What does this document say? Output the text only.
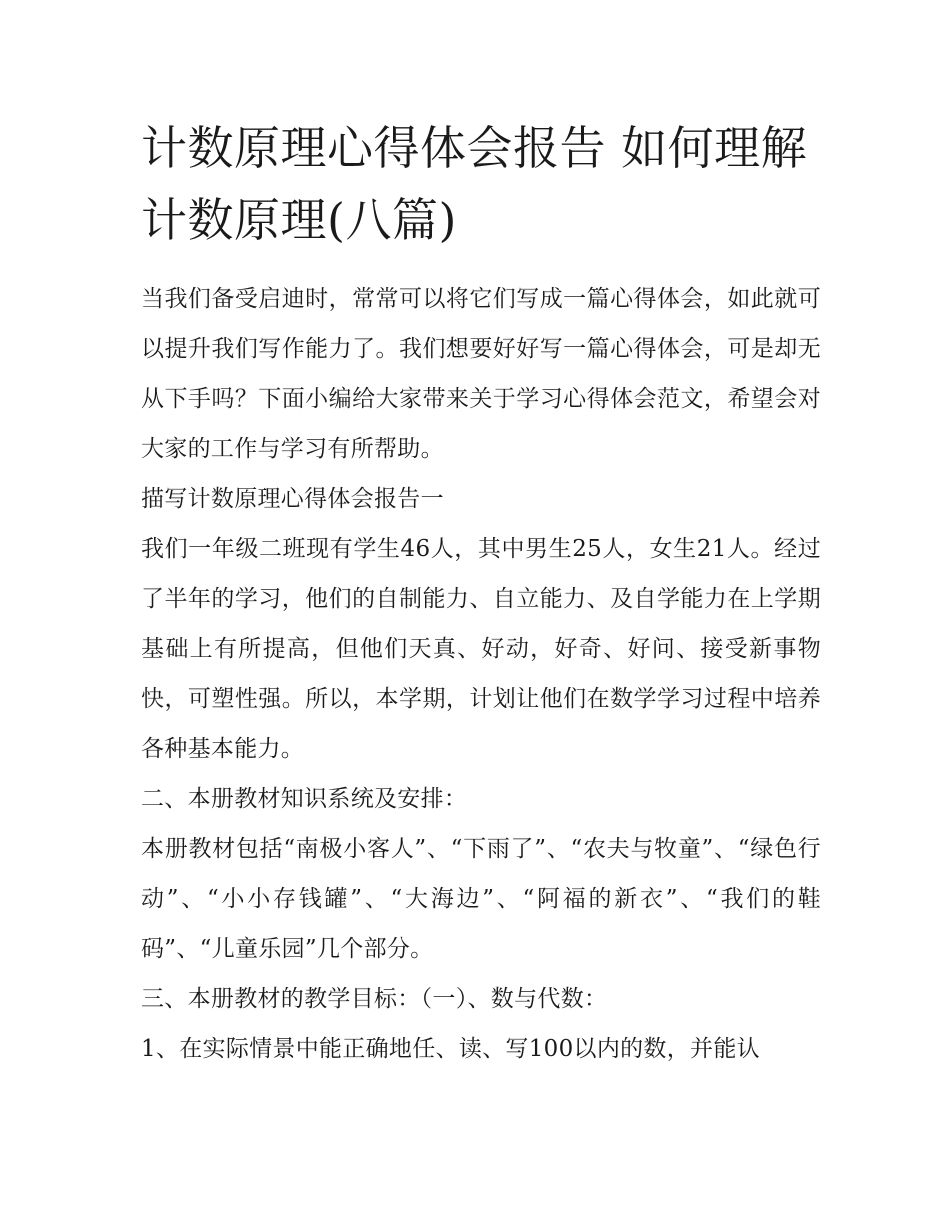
计数原理心得体会报告 如何理解计数原理(八篇)

当我们备受启迪时，常常可以将它们写成一篇心得体会，如此就可以提升我们写作能力了。我们想要好好写一篇心得体会，可是却无从下手吗？下面小编给大家带来关于学习心得体会范文，希望会对大家的工作与学习有所帮助。

描写计数原理心得体会报告一

我们一年级二班现有学生46人，其中男生25人，女生21人。经过了半年的学习，他们的自制能力、自立能力、及自学能力在上学期基础上有所提高，但他们天真、好动，好奇、好问、接受新事物快，可塑性强。所以，本学期，计划让他们在数学学习过程中培养各种基本能力。

二、本册教材知识系统及安排：

本册教材包括“南极小客人”、“下雨了”、“农夫与牧童”、“绿色行动”、“小小存钱罐”、“大海边”、“阿福的新衣”、“我们的鞋码”、“儿童乐园”几个部分。

三、本册教材的教学目标：（一）、数与代数：

1、在实际情景中能正确地任、读、写100以内的数，并能认
